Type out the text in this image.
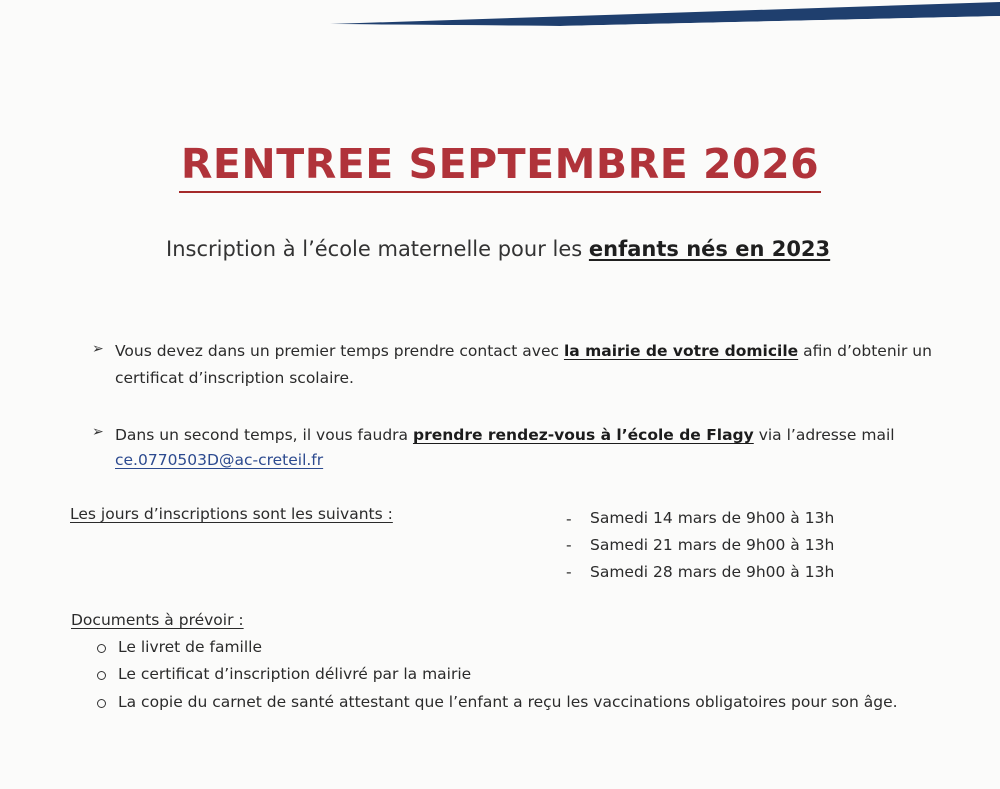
RENTREE SEPTEMBRE 2026
Inscription à l’école maternelle pour les enfants nés en 2023
➢ Vous devez dans un premier temps prendre contact avec la mairie de votre domicile afin d’obtenir un
certificat d’inscription scolaire.
➢ Dans un second temps, il vous faudra prendre rendez-vous à l’école de Flagy via l’adresse mail
ce.0770503D@ac-creteil.fr
Les jours d’inscriptions sont les suivants :	- Samedi 14 mars de 9h00 à 13h
- Samedi 21 mars de 9h00 à 13h
- Samedi 28 mars de 9h00 à 13h
Documents à prévoir :
Le livret de famille
Le certificat d’inscription délivré par la mairie
La copie du carnet de santé attestant que l’enfant a reçu les vaccinations obligatoires pour son âge.
